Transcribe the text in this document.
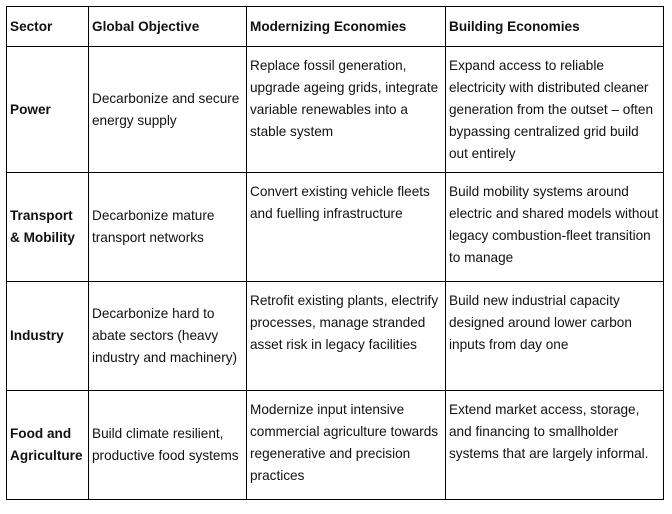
Sector	Global Objective	Modernizing Economies	Building Economies
Power	Decarbonize and secure energy supply	Replace fossil generation, upgrade ageing grids, integrate variable renewables into a stable system	Expand access to reliable electricity with distributed cleaner generation from the outset – often bypassing centralized grid build out entirely
Transport & Mobility	Decarbonize mature transport networks	Convert existing vehicle fleets and fuelling infrastructure	Build mobility systems around electric and shared models without legacy combustion-fleet transition to manage
Industry	Decarbonize hard to abate sectors (heavy industry and machinery)	Retrofit existing plants, electrify processes, manage stranded asset risk in legacy facilities	Build new industrial capacity designed around lower carbon inputs from day one
Food and Agriculture	Build climate resilient, productive food systems	Modernize input intensive commercial agriculture towards regenerative and precision practices	Extend market access, storage, and financing to smallholder systems that are largely informal.
